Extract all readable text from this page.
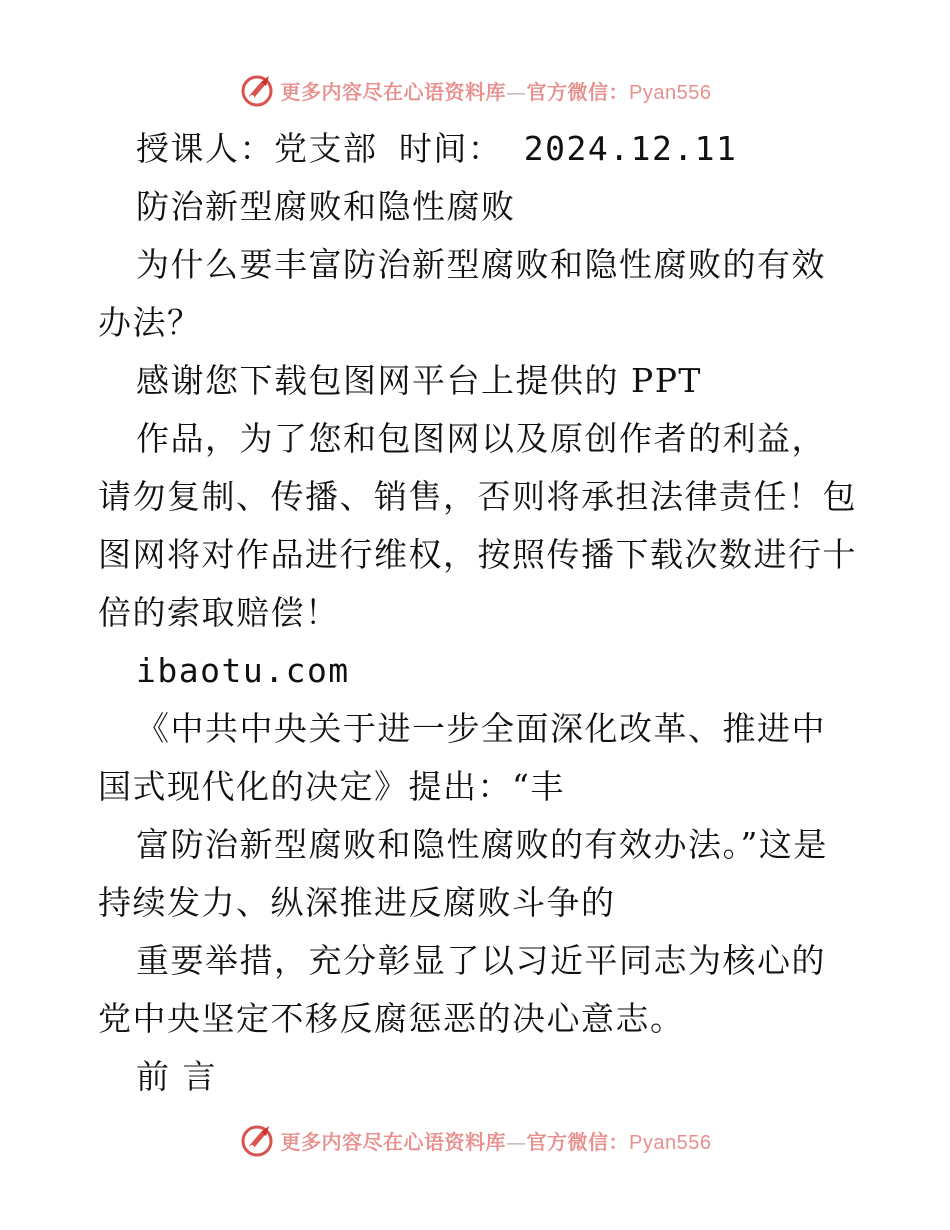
更多内容尽在心语资料库—官方微信：Pyan556

授课人：党支部 时间： 2024.12.11

防治新型腐败和隐性腐败

为什么要丰富防治新型腐败和隐性腐败的有效办法？

感谢您下载包图网平台上提供的 PPT

作品，为了您和包图网以及原创作者的利益，请勿复制、传播、销售，否则将承担法律责任！包图网将对作品进行维权，按照传播下载次数进行十倍的索取赔偿！

ibaotu.com

《中共中央关于进一步全面深化改革、推进中国式现代化的决定》提出：“丰

富防治新型腐败和隐性腐败的有效办法。”这是持续发力、纵深推进反腐败斗争的

重要举措，充分彰显了以习近平同志为核心的党中央坚定不移反腐惩恶的决心意志。

前 言

更多内容尽在心语资料库—官方微信：Pyan556
